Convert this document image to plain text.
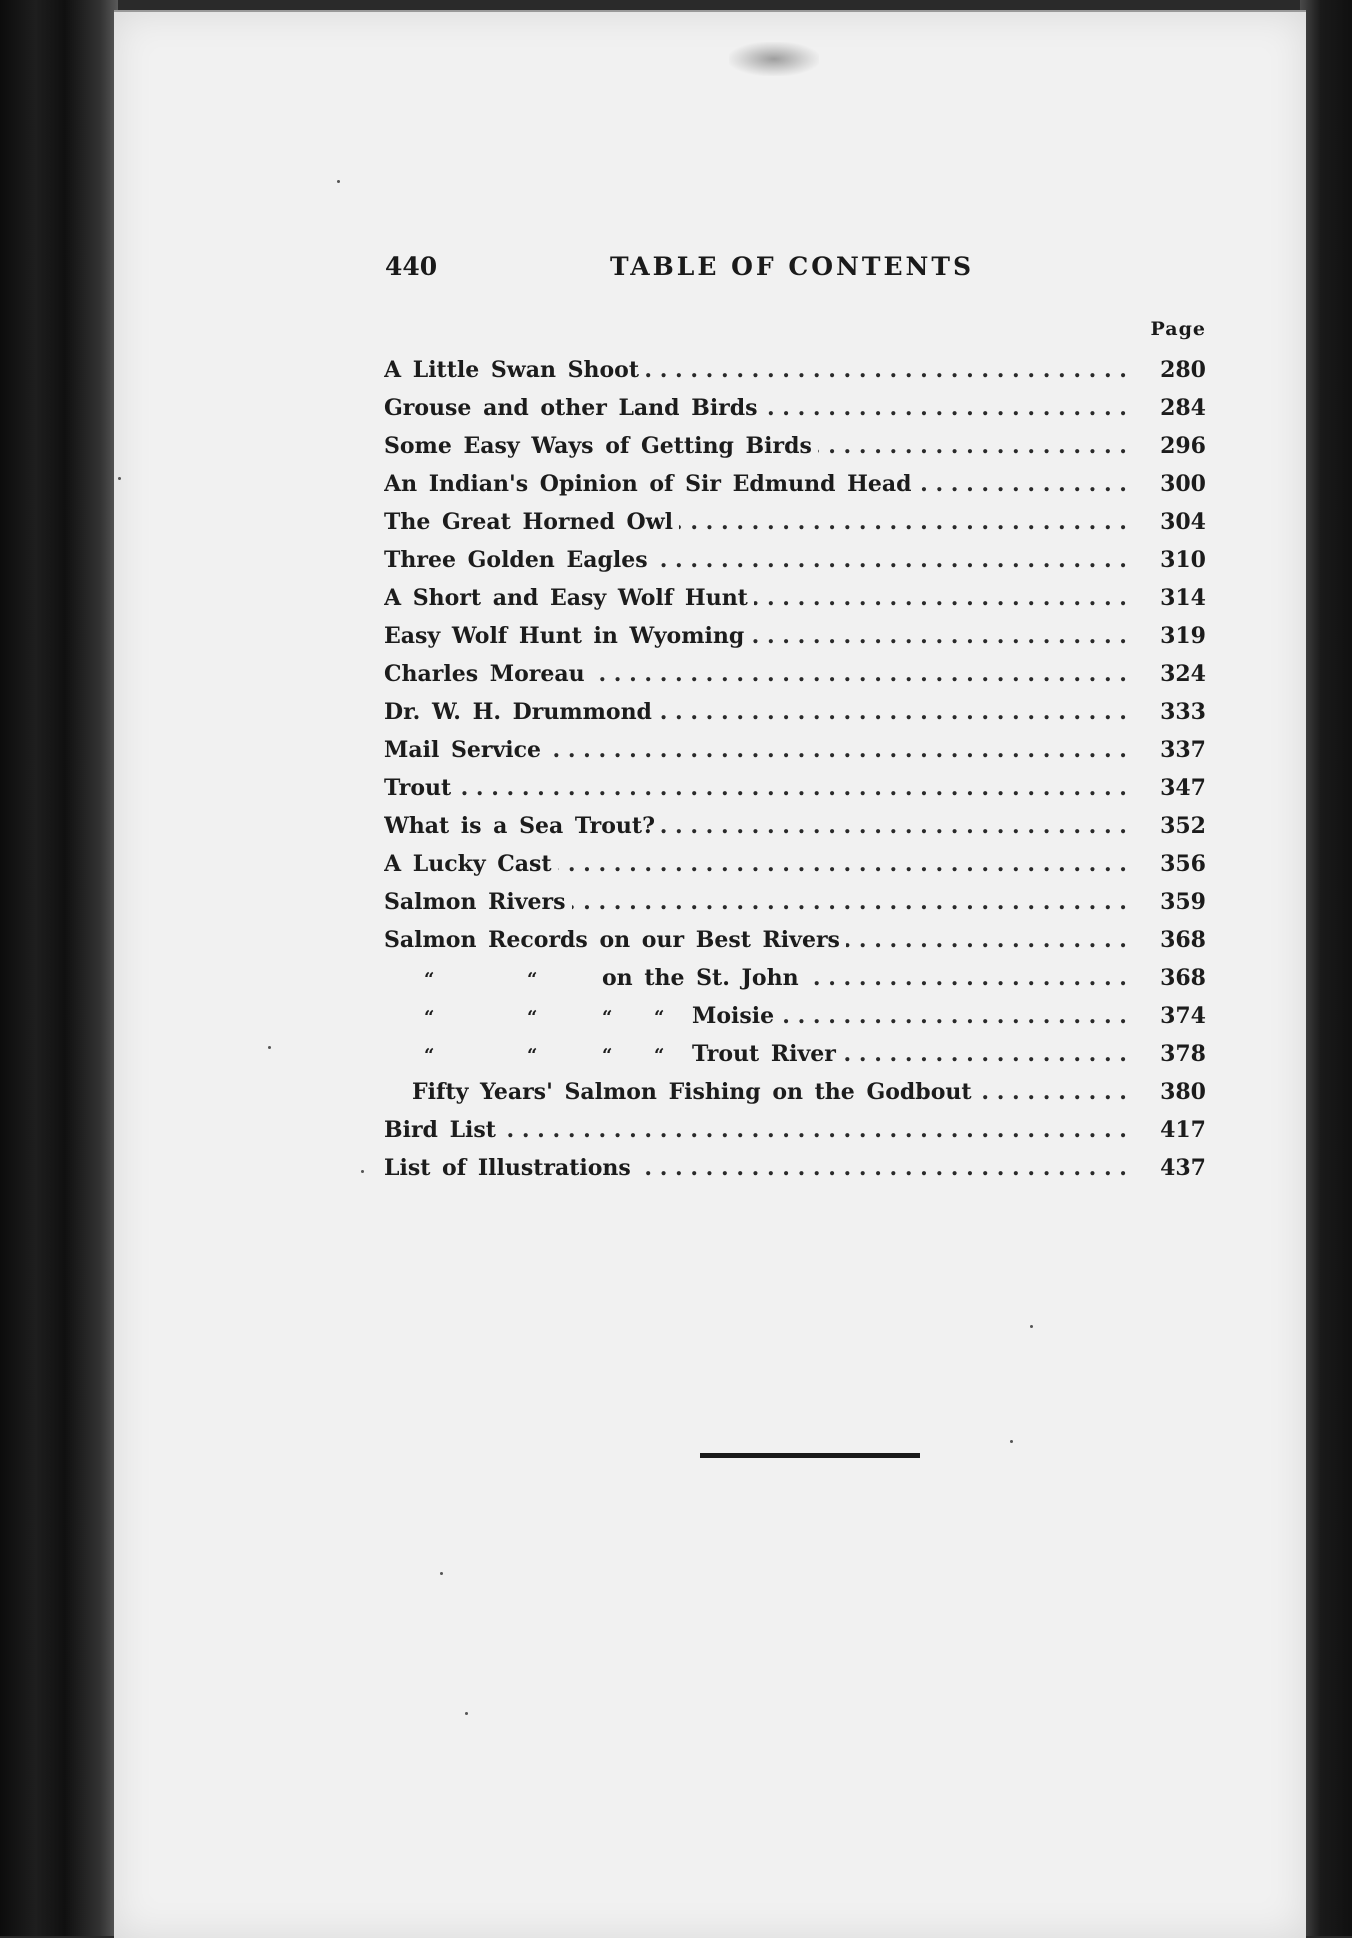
440	TABLE OF CONTENTS
Page
. . .
A Little Swan Shoot	280
. . .
Grouse and other Land Birds	284
. . .
Some Easy Ways of Getting Birds	296
. . .
An Indian's Opinion of Sir Edmund Head	300
. . .
The Great Horned Owl	304
. . .
Three Golden Eagles	310
. . .
A Short and Easy Wolf Hunt	314
. . .
Easy Wolf Hunt in Wyoming	319
. . .
Charles Moreau	324
. . .
Dr. W. H. Drummond	333
. . .
Mail Service	337
. . .
Trout	347
. . .
What is a Sea Trout?	352
. . .
A Lucky Cast	356
. . .
Salmon Rivers	359
. . .
Salmon Records on our Best Rivers	368
. . .
“	“	on the St. John	368
. . .
“	“	“ “ Moisie	374
. . .
“	“	“ “ Trout River	378
. . .
Fifty Years' Salmon Fishing on the Godbout	380
. . .
Bird List	417
. . .
List of Illustrations	437
